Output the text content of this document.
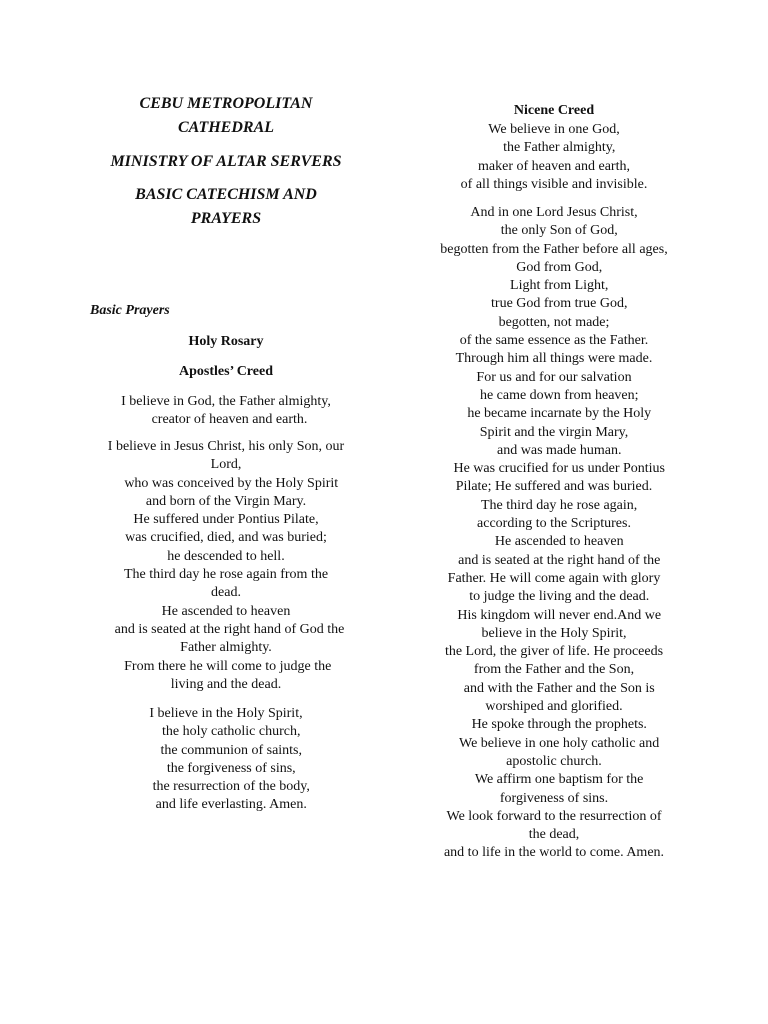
CEBU METROPOLITAN
CATHEDRAL
MINISTRY OF ALTAR SERVERS
BASIC CATECHISM AND
PRAYERS
Basic Prayers
Holy Rosary
Apostles’ Creed
I believe in God, the Father almighty,
creator of heaven and earth.
I believe in Jesus Christ, his only Son, our
Lord,
who was conceived by the Holy Spirit
and born of the Virgin Mary.
He suffered under Pontius Pilate,
was crucified, died, and was buried;
he descended to hell.
The third day he rose again from the
dead.
He ascended to heaven
and is seated at the right hand of God the
Father almighty.
From there he will come to judge the
living and the dead.
I believe in the Holy Spirit,
the holy catholic church,
the communion of saints,
the forgiveness of sins,
the resurrection of the body,
and life everlasting. Amen.
Nicene Creed
We believe in one God,
the Father almighty,
maker of heaven and earth,
of all things visible and invisible.
And in one Lord Jesus Christ,
the only Son of God,
begotten from the Father before all ages,
God from God,
Light from Light,
true God from true God,
begotten, not made;
of the same essence as the Father.
Through him all things were made.
For us and for our salvation
he came down from heaven;
he became incarnate by the Holy
Spirit and the virgin Mary,
and was made human.
He was crucified for us under Pontius
Pilate; He suffered and was buried.
The third day he rose again,
according to the Scriptures.
He ascended to heaven
and is seated at the right hand of the
Father. He will come again with glory
to judge the living and the dead.
His kingdom will never end.And we
believe in the Holy Spirit,
the Lord, the giver of life. He proceeds
from the Father and the Son,
and with the Father and the Son is
worshiped and glorified.
He spoke through the prophets.
We believe in one holy catholic and
apostolic church.
We affirm one baptism for the
forgiveness of sins.
We look forward to the resurrection of
the dead,
and to life in the world to come. Amen.
